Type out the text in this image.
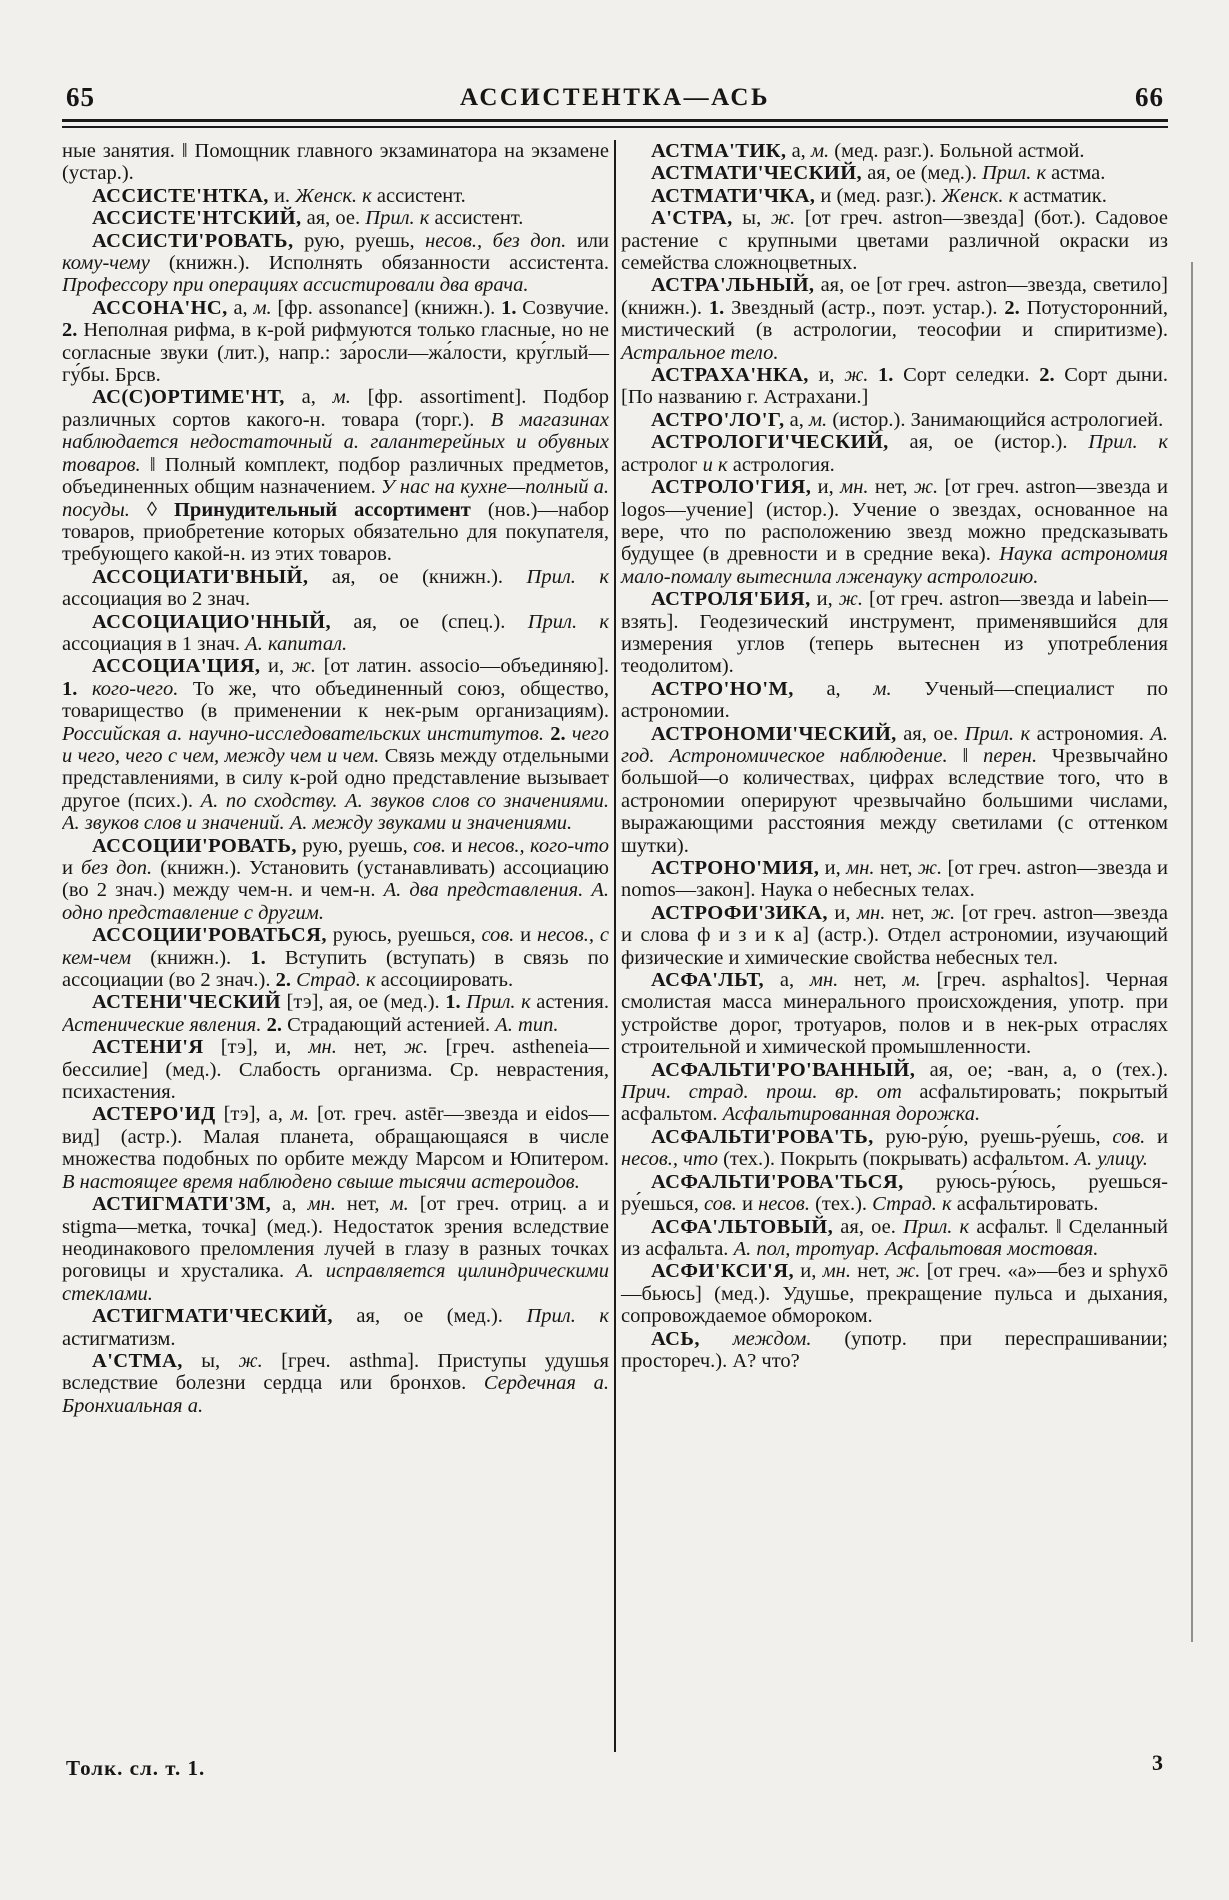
65	АССИСТЕНТКА—АСЬ	66

ные занятия. ‖ Помощник главного экзаминатора на экзамене (устар.).

АССИСТЕ'НТКА, и. Женск. к ассистент.

АССИСТЕ'НТСКИЙ, ая, ое. Прил. к ассистент.

АССИСТИ'РОВАТЬ, рую, руешь, несов., без доп. или кому-чему (книжн.). Исполнять обязанности ассистента. Профессору при операциях ассистировали два врача.

АССОНА'НС, а, м. [фр. assonance] (книжн.). 1. Созвучие. 2. Неполная рифма, в к-рой рифмуются только гласные, но не согласные звуки (лит.), напр.: за́росли—жа́лости, кру́глый—гу́бы. Брсв.

АС(С)ОРТИМЕ'НТ, а, м. [фр. assortiment]. Подбор различных сортов какого-н. товара (торг.). В магазинах наблюдается недостаточный а. галантерейных и обувных товаров. ‖ Полный комплект, подбор различных предметов, объединенных общим назначением. У нас на кухне—полный а. посуды. ◊ Принудительный ассортимент (нов.)—набор товаров, приобретение которых обязательно для покупателя, требующего какой-н. из этих товаров.

АССОЦИАТИ'ВНЫЙ, ая, ое (книжн.). Прил. к ассоциация во 2 знач.

АССОЦИАЦИО'ННЫЙ, ая, ое (спец.). Прил. к ассоциация в 1 знач. А. капитал.

АССОЦИА'ЦИЯ, и, ж. [от латин. associo—объединяю]. 1. кого-чего. То же, что объединенный союз, общество, товарищество (в применении к нек-рым организациям). Российская а. научно-исследовательских институтов. 2. чего и чего, чего с чем, между чем и чем. Связь между отдельными представлениями, в силу к-рой одно представление вызывает другое (псих.). А. по сходству. А. звуков слов со значениями. А. звуков слов и значений. А. между звуками и значениями.

АССОЦИИ'РОВАТЬ, рую, руешь, сов. и несов., кого-что и без доп. (книжн.). Установить (устанавливать) ассоциацию (во 2 знач.) между чем-н. и чем-н. А. два представления. А. одно представление с другим.

АССОЦИИ'РОВАТЬСЯ, руюсь, руешься, сов. и несов., с кем-чем (книжн.). 1. Вступить (вступать) в связь по ассоциации (во 2 знач.). 2. Страд. к ассоциировать.

АСТЕНИ'ЧЕСКИЙ [тэ], ая, ое (мед.). 1. Прил. к астения. Астенические явления. 2. Страдающий астенией. А. тип.

АСТЕНИ'Я [тэ], и, мн. нет, ж. [греч. astheneia—бессилие] (мед.). Слабость организма. Ср. неврастения, психастения.

АСТЕРО'ИД [тэ], а, м. [от. греч. astēr—звезда и eidos—вид] (астр.). Малая планета, обращающаяся в числе множества подобных по орбите между Марсом и Юпитером. В настоящее время наблюдено свыше тысячи астероидов.

АСТИГМАТИ'ЗМ, а, мн. нет, м. [от греч. отриц. а и stigma—метка, точка] (мед.). Недостаток зрения вследствие неодинакового преломления лучей в глазу в разных точках роговицы и хрусталика. А. исправляется цилиндрическими стеклами.

АСТИГМАТИ'ЧЕСКИЙ, ая, ое (мед.). Прил. к астигматизм.

А'СТМА, ы, ж. [греч. asthma]. Приступы удушья вследствие болезни сердца или бронхов. Сердечная а. Бронхиальная а.

АСТМА'ТИК, а, м. (мед. разг.). Больной астмой.

АСТМАТИ'ЧЕСКИЙ, ая, ое (мед.). Прил. к астма.

АСТМАТИ'ЧКА, и (мед. разг.). Женск. к астматик.

А'СТРА, ы, ж. [от греч. astron—звезда] (бот.). Садовое растение с крупными цветами различной окраски из семейства сложноцветных.

АСТРА'ЛЬНЫЙ, ая, ое [от греч. astron—звезда, светило] (книжн.). 1. Звездный (астр., поэт. устар.). 2. Потусторонний, мистический (в астрологии, теософии и спиритизме). Астральное тело.

АСТРАХА'НКА, и, ж. 1. Сорт селедки. 2. Сорт дыни. [По названию г. Астрахани.]

АСТРО'ЛО'Г, а, м. (истор.). Занимающийся астрологией.

АСТРОЛОГИ'ЧЕСКИЙ, ая, ое (истор.). Прил. к астролог и к астрология.

АСТРОЛО'ГИЯ, и, мн. нет, ж. [от греч. astron—звезда и logos—учение] (истор.). Учение о звездах, основанное на вере, что по расположению звезд можно предсказывать будущее (в древности и в средние века). Наука астрономия мало-помалу вытеснила лженауку астрологию.

АСТРОЛЯ'БИЯ, и, ж. [от греч. astron—звезда и labein—взять]. Геодезический инструмент, применявшийся для измерения углов (теперь вытеснен из употребления теодолитом).

АСТРО'НО'М, а, м. Ученый—специалист по астрономии.

АСТРОНОМИ'ЧЕСКИЙ, ая, ое. Прил. к астрономия. А. год. Астрономическое наблюдение. ‖ перен. Чрезвычайно большой—о количествах, цифрах вследствие того, что в астрономии оперируют чрезвычайно большими числами, выражающими расстояния между светилами (с оттенком шутки).

АСТРОНО'МИЯ, и, мн. нет, ж. [от греч. astron—звезда и nomos—закон]. Наука о небесных телах.

АСТРОФИ'ЗИКА, и, мн. нет, ж. [от греч. astron—звезда и слова ф и з и к а] (астр.). Отдел астрономии, изучающий физические и химические свойства небесных тел.

АСФА'ЛЬТ, а, мн. нет, м. [греч. asphaltos]. Черная смолистая масса минерального происхождения, употр. при устройстве дорог, тротуаров, полов и в нек-рых отраслях строительной и химической промышленности.

АСФАЛЬТИ'РО'ВАННЫЙ, ая, ое; -ван, а, о (тех.). Прич. страд. прош. вр. от асфальтировать; покрытый асфальтом. Асфальтированная дорожка.

АСФАЛЬТИ'РОВА'ТЬ, рую-ру́ю, руешь-ру́ешь, сов. и несов., что (тех.). Покрыть (покрывать) асфальтом. А. улицу.

АСФАЛЬТИ'РОВА'ТЬСЯ, руюсь-ру́юсь, руешься-ру́ешься, сов. и несов. (тех.). Страд. к асфальтировать.

АСФА'ЛЬТОВЫЙ, ая, ое. Прил. к асфальт. ‖ Сделанный из асфальта. А. пол, тротуар. Асфальтовая мостовая.

АСФИ'КСИ'Я, и, мн. нет, ж. [от греч. «а»—без и sphyxō—бьюсь] (мед.). Удушье, прекращение пульса и дыхания, сопровождаемое обмороком.

АСЬ, междом. (употр. при переспрашивании; простореч.). А? что?

Толк. сл. т. 1.	3
